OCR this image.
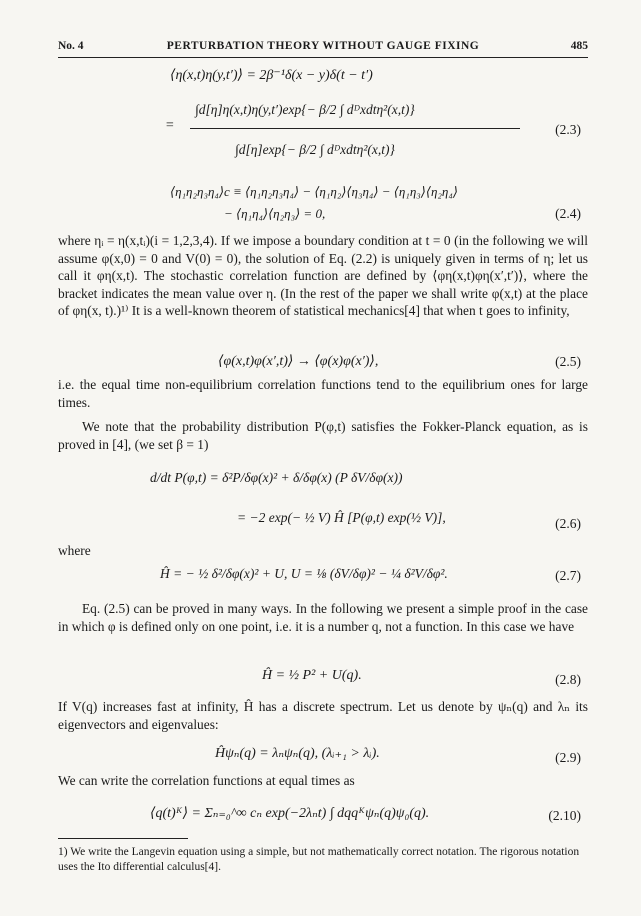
No. 4	PERTURBATION THEORY WITHOUT GAUGE FIXING	485
⟨η(x,t)η(y,t′)⟩ = 2β⁻¹δ(x − y)δ(t − t′)
=
∫d[η]η(x,t)η(y,t′)exp{− β/2 ∫ dᴰxdtη²(x,t)}
∫d[η]exp{− β/2 ∫ dᴰxdtη²(x,t)}
(2.3)
⟨η₁η₂η₃η₄⟩c ≡ ⟨η₁η₂η₃η₄⟩ − ⟨η₁η₂⟩⟨η₃η₄⟩ − ⟨η₁η₃⟩⟨η₂η₄⟩
− ⟨η₁η₄⟩⟨η₂η₃⟩ = 0,	(2.4)
where ηᵢ = η(x,tᵢ)(i = 1,2,3,4). If we impose a boundary condition at t = 0 (in the following we will assume φ(x,0) = 0 and V(0) = 0), the solution of Eq. (2.2) is uniquely given in terms of η; let us call it φη(x,t). The stochastic correlation function are defined by ⟨φη(x,t)φη(x′,t′)⟩, where the bracket indicates the mean value over η. (In the rest of the paper we shall write φ(x,t) at the place of φη(x, t).)¹⁾ It is a well-known theorem of statistical mechanics[4] that when t goes to infinity,
⟨φ(x,t)φ(x′,t)⟩ → ⟨φ(x)φ(x′)⟩,	(2.5)
i.e. the equal time non-equilibrium correlation functions tend to the equilibrium ones for large times.
We note that the probability distribution P(φ,t) satisfies the Fokker-Planck equation, as is proved in [4], (we set β = 1)
d/dt P(φ,t) = δ²P/δφ(x)² + δ/δφ(x) (P δV/δφ(x))
= −2 exp(− ½ V) Ĥ [P(φ,t) exp(½ V)],	(2.6)
where
Ĥ = − ½ δ²/δφ(x)² + U, U = ⅛ (δV/δφ)² − ¼ δ²V/δφ².	(2.7)
Eq. (2.5) can be proved in many ways. In the following we present a simple proof in the case in which φ is defined only on one point, i.e. it is a number q, not a function. In this case we have
Ĥ = ½ P² + U(q).	(2.8)
If V(q) increases fast at infinity, Ĥ has a discrete spectrum. Let us denote by ψₙ(q) and λₙ its eigenvectors and eigenvalues:
Ĥψₙ(q) = λₙψₙ(q), (λᵢ₊₁ > λᵢ).	(2.9)
We can write the correlation functions at equal times as
⟨q(t)ᴷ⟩ = Σₙ₌₀^∞ cₙ exp(−2λₙt) ∫ dqqᴷψₙ(q)ψ₀(q).	(2.10)
1) We write the Langevin equation using a simple, but not mathematically correct notation. The rigorous notation uses the Ito differential calculus[4].
